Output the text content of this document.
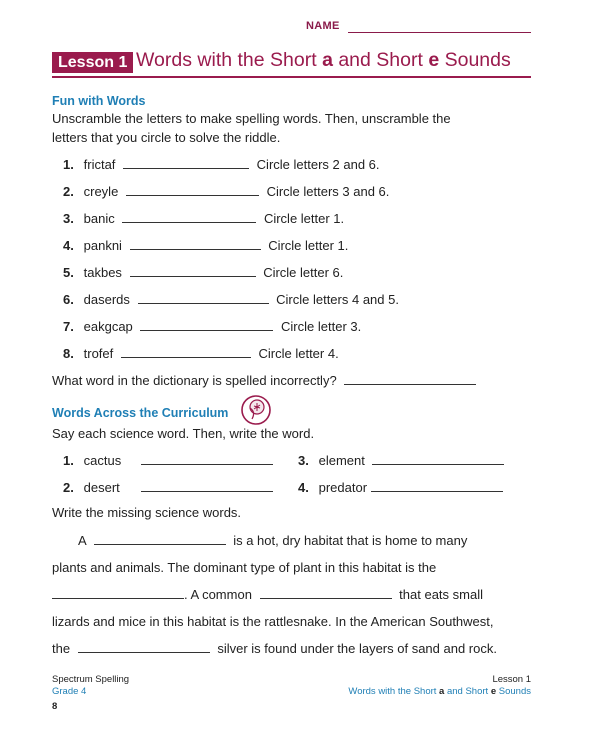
NAME
Lesson 1 Words with the Short a and Short e Sounds
Fun with Words
Unscramble the letters to make spelling words. Then, unscramble the
letters that you circle to solve the riddle.
1. frictaf	Circle letters 2 and 6.
2. creyle	Circle letters 3 and 6.
3. banic	Circle letter 1.
4. pankni	Circle letter 1.
5. takbes	Circle letter 6.
6. daserds	Circle letters 4 and 5.
7. eakgcap	Circle letter 3.
8. trofef	Circle letter 4.
What word in the dictionary is spelled incorrectly?
Words Across the Curriculum
Say each science word. Then, write the word.
1. cactus
2. desert
3. element
4. predator
Write the missing science words.
A	is a hot, dry habitat that is home to many
plants and animals. The dominant type of plant in this habitat is the
. A common	that eats small
lizards and mice in this habitat is the rattlesnake. In the American Southwest,
the	silver is found under the layers of sand and rock.
Spectrum Spelling
Grade 4
8
Lesson 1
Words with the Short a and Short e Sounds
